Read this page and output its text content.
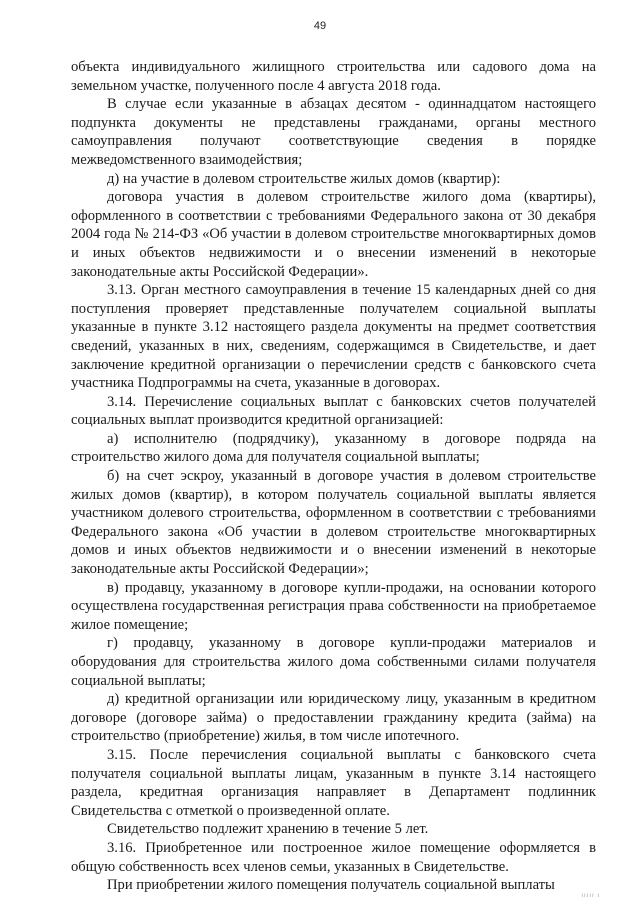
49

объекта индивидуального жилищного строительства или садового дома на земельном участке, полученного после 4 августа 2018 года.

В случае если указанные в абзацах десятом - одиннадцатом настоящего подпункта документы не представлены гражданами, органы местного самоуправления получают соответствующие сведения в порядке межведомственного взаимодействия;

д) на участие в долевом строительстве жилых домов (квартир):

договора участия в долевом строительстве жилого дома (квартиры), оформленного в соответствии с требованиями Федерального закона от 30 декабря 2004 года № 214-ФЗ «Об участии в долевом строительстве многоквартирных домов и иных объектов недвижимости и о внесении изменений в некоторые законодательные акты Российской Федерации».

3.13. Орган местного самоуправления в течение 15 календарных дней со дня поступления проверяет представленные получателем социальной выплаты указанные в пункте 3.12 настоящего раздела документы на предмет соответствия сведений, указанных в них, сведениям, содержащимся в Свидетельстве, и дает заключение кредитной организации о перечислении средств с банковского счета участника Подпрограммы на счета, указанные в договорах.

3.14. Перечисление социальных выплат с банковских счетов получателей социальных выплат производится кредитной организацией:

а) исполнителю (подрядчику), указанному в договоре подряда на строительство жилого дома для получателя социальной выплаты;

б) на счет эскроу, указанный в договоре участия в долевом строительстве жилых домов (квартир), в котором получатель социальной выплаты является участником долевого строительства, оформленном в соответствии с требованиями Федерального закона «Об участии в долевом строительстве многоквартирных домов и иных объектов недвижимости и о внесении изменений в некоторые законодательные акты Российской Федерации»;

в) продавцу, указанному в договоре купли-продажи, на основании которого осуществлена государственная регистрация права собственности на приобретаемое жилое помещение;

г) продавцу, указанному в договоре купли-продажи материалов и оборудования для строительства жилого дома собственными силами получателя социальной выплаты;

д) кредитной организации или юридическому лицу, указанным в кредитном договоре (договоре займа) о предоставлении гражданину кредита (займа) на строительство (приобретение) жилья, в том числе ипотечного.

3.15. После перечисления социальной выплаты с банковского счета получателя социальной выплаты лицам, указанным в пункте 3.14 настоящего раздела, кредитная организация направляет в Департамент подлинник Свидетельства с отметкой о произведенной оплате.

Свидетельство подлежит хранению в течение 5 лет.

3.16. Приобретенное или построенное жилое помещение оформляется в общую собственность всех членов семьи, указанных в Свидетельстве.

При приобретении жилого помещения получатель социальной выплаты

ııııı ı
